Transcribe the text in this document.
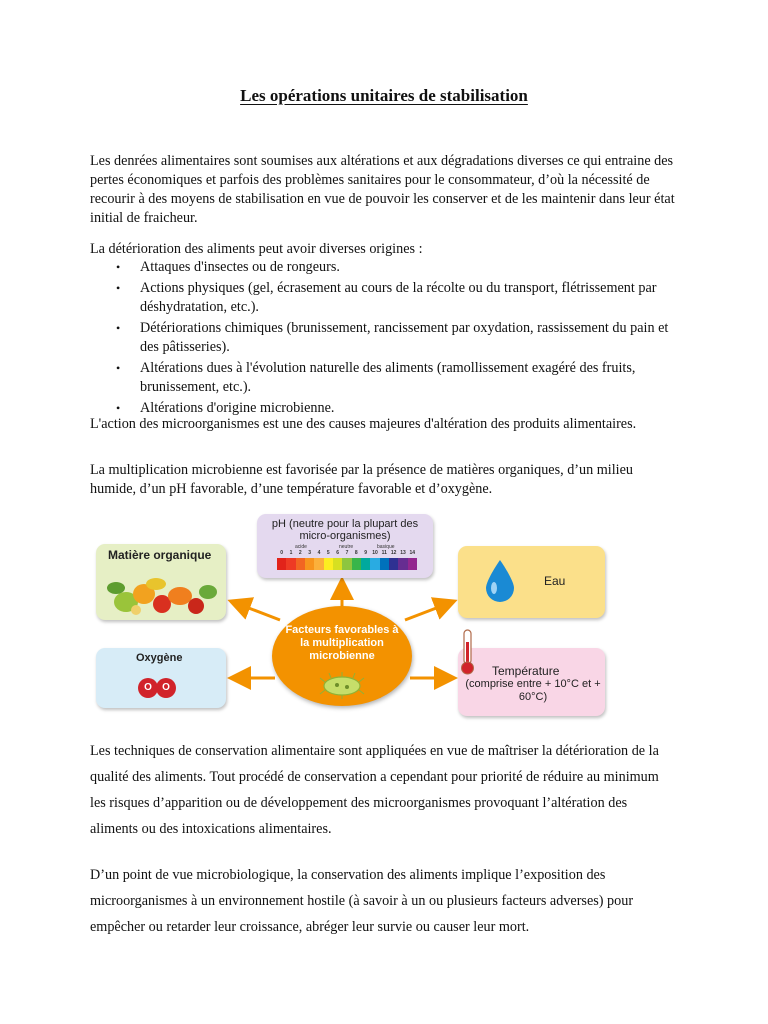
Les opérations unitaires de stabilisation

Les denrées alimentaires sont soumises aux altérations et aux dégradations diverses ce qui entraine des pertes économiques et parfois des problèmes sanitaires pour le consommateur, d’où la nécessité de recourir à des moyens de stabilisation en vue de pouvoir les conserver et de les maintenir dans leur état initial de fraicheur.

La détérioration des aliments peut avoir diverses origines :

• Attaques d'insectes ou de rongeurs.
• Actions physiques (gel, écrasement au cours de la récolte ou du transport, flétrissement par déshydratation, etc.).
• Détériorations chimiques (brunissement, rancissement par oxydation, rassissement du pain et des pâtisseries).
• Altérations dues à l'évolution naturelle des aliments (ramollissement exagéré des fruits, brunissement, etc.).
• Altérations d'origine microbienne.

L'action des microorganismes est une des causes majeures d'altération des produits alimentaires.

La multiplication microbienne est favorisée par la présence de matières organiques, d’un milieu humide, d’un pH favorable, d’une température favorable et d’oxygène.

Matière organique
pH (neutre pour la plupart des micro-organismes)
acide	neutre	basique
0	1	2	3	4	5	6	7	8	9	10 11 12 13 14
Eau
Oxygène
O	O
Température
(comprise entre + 10°C et + 60°C)
Facteurs favorables à la multiplication microbienne

Les techniques de conservation alimentaire sont appliquées en vue de maîtriser la détérioration de la qualité des aliments. Tout procédé de conservation a cependant pour priorité de réduire au minimum les risques d’apparition ou de développement des microorganismes provoquant l’altération des aliments ou des intoxications alimentaires.

D’un point de vue microbiologique, la conservation des aliments implique l’exposition des microorganismes à un environnement hostile (à savoir à un ou plusieurs facteurs adverses) pour empêcher ou retarder leur croissance, abréger leur survie ou causer leur mort.
